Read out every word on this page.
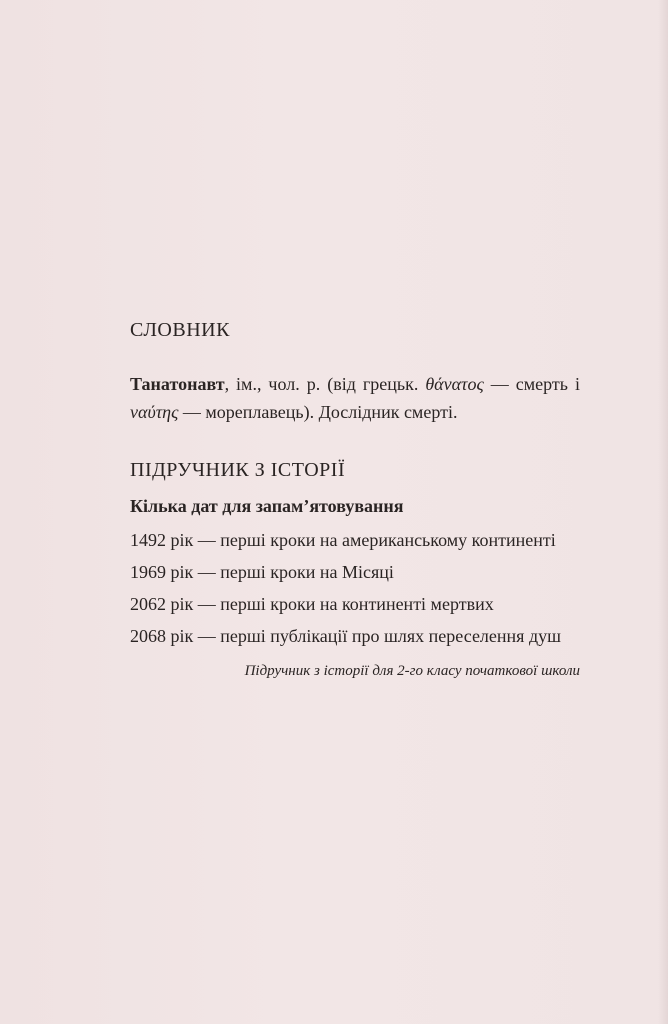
СЛОВНИК

Танатонавт, ім., чол. р. (від грецьк. θάνατος — смерть і ναύτης — мореплавець). Дослідник смерті.

ПІДРУЧНИК З ІСТОРІЇ

Кілька дат для запам’ятовування

1492 рік — перші кроки на американському континенті

1969 рік — перші кроки на Місяці

2062 рік — перші кроки на континенті мертвих

2068 рік — перші публікації про шлях переселення душ

Підручник з історії для 2-го класу початкової школи
